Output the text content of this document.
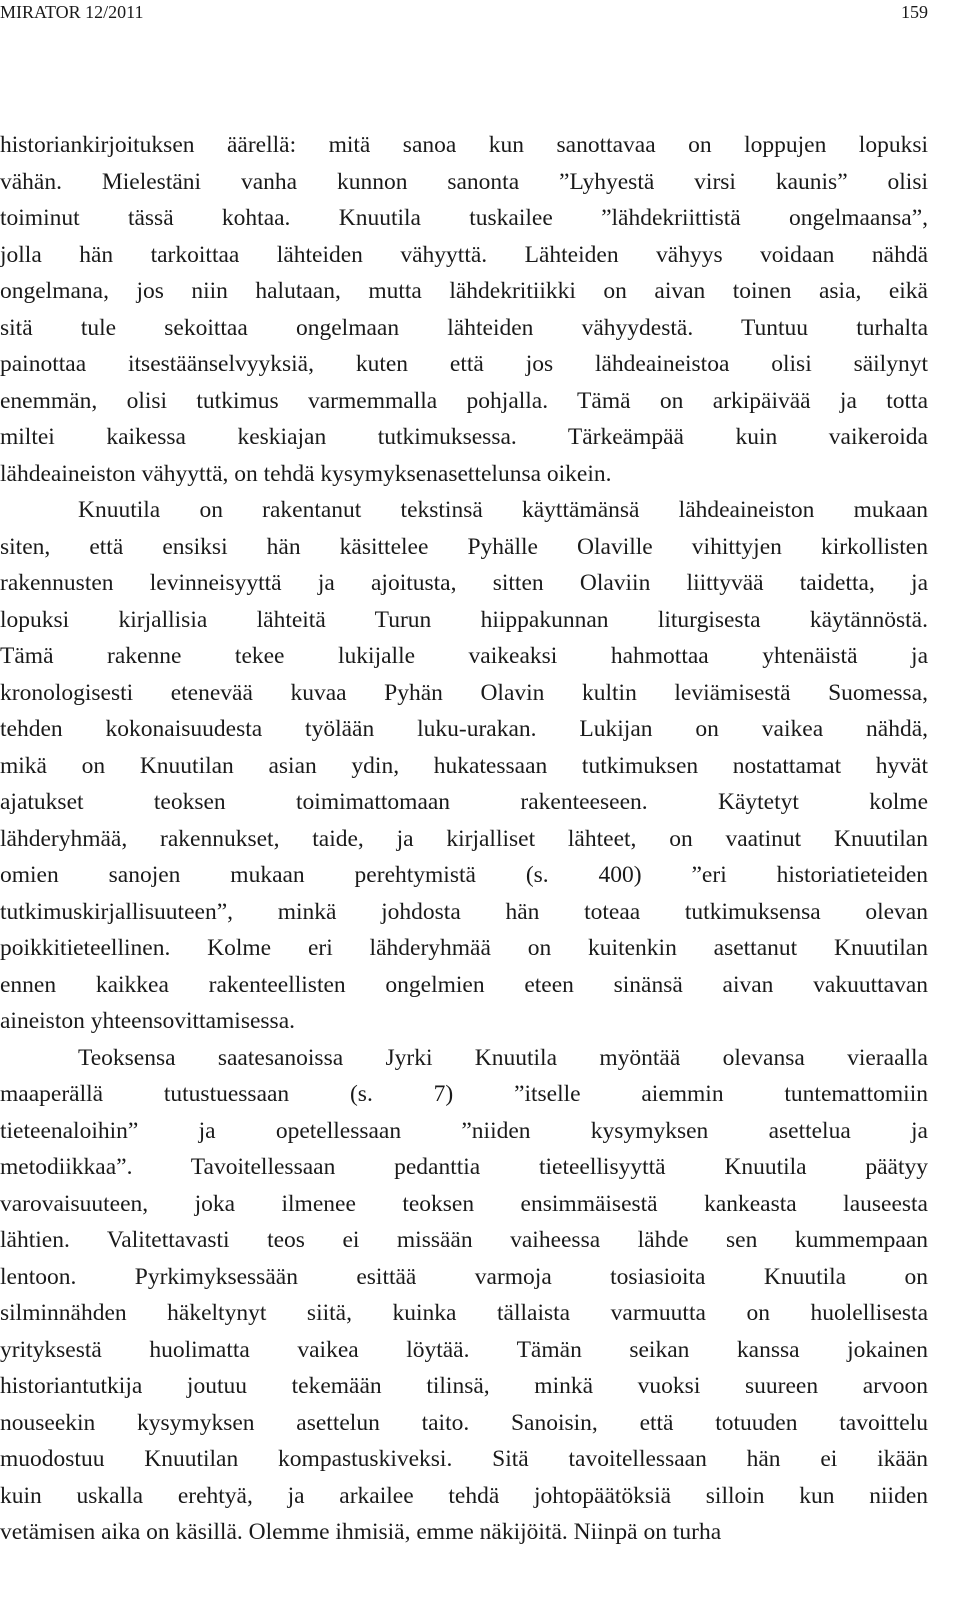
MIRATOR 12/2011	159
historiankirjoituksen äärellä: mitä sanoa kun sanottavaa on loppujen lopuksi
vähän. Mielestäni vanha kunnon sanonta ”Lyhyestä virsi kaunis” olisi
toiminut tässä kohtaa. Knuutila tuskailee ”lähdekriittistä ongelmaansa”,
jolla hän tarkoittaa lähteiden vähyyttä. Lähteiden vähyys voidaan nähdä
ongelmana, jos niin halutaan, mutta lähdekritiikki on aivan toinen asia, eikä
sitä tule sekoittaa ongelmaan lähteiden vähyydestä. Tuntuu turhalta
painottaa itsestäänselvyyksiä, kuten että jos lähdeaineistoa olisi säilynyt
enemmän, olisi tutkimus varmemmalla pohjalla. Tämä on arkipäivää ja totta
miltei kaikessa keskiajan tutkimuksessa. Tärkeämpää kuin vaikeroida
lähdeaineiston vähyyttä, on tehdä kysymyksenasettelunsa oikein.
Knuutila on rakentanut tekstinsä käyttämänsä lähdeaineiston mukaan
siten, että ensiksi hän käsittelee Pyhälle Olaville vihittyjen kirkollisten
rakennusten levinneisyyttä ja ajoitusta, sitten Olaviin liittyvää taidetta, ja
lopuksi kirjallisia lähteitä Turun hiippakunnan liturgisesta käytännöstä.
Tämä rakenne tekee lukijalle vaikeaksi hahmottaa yhtenäistä ja
kronologisesti etenevää kuvaa Pyhän Olavin kultin leviämisestä Suomessa,
tehden kokonaisuudesta työlään luku-urakan. Lukijan on vaikea nähdä,
mikä on Knuutilan asian ydin, hukatessaan tutkimuksen nostattamat hyvät
ajatukset teoksen toimimattomaan rakenteeseen. Käytetyt kolme
lähderyhmää, rakennukset, taide, ja kirjalliset lähteet, on vaatinut Knuutilan
omien sanojen mukaan perehtymistä (s. 400) ”eri historiatieteiden
tutkimuskirjallisuuteen”, minkä johdosta hän toteaa tutkimuksensa olevan
poikkitieteellinen. Kolme eri lähderyhmää on kuitenkin asettanut Knuutilan
ennen kaikkea rakenteellisten ongelmien eteen sinänsä aivan vakuuttavan
aineiston yhteensovittamisessa.
Teoksensa saatesanoissa Jyrki Knuutila myöntää olevansa vieraalla
maaperällä tutustuessaan (s. 7) ”itselle aiemmin tuntemattomiin
tieteenaloihin” ja opetellessaan ”niiden kysymyksen asettelua ja
metodiikkaa”. Tavoitellessaan pedanttia tieteellisyyttä Knuutila päätyy
varovaisuuteen, joka ilmenee teoksen ensimmäisestä kankeasta lauseesta
lähtien. Valitettavasti teos ei missään vaiheessa lähde sen kummempaan
lentoon. Pyrkimyksessään esittää varmoja tosiasioita Knuutila on
silminnähden häkeltynyt siitä, kuinka tällaista varmuutta on huolellisesta
yrityksestä huolimatta vaikea löytää. Tämän seikan kanssa jokainen
historiantutkija joutuu tekemään tilinsä, minkä vuoksi suureen arvoon
nouseekin kysymyksen asettelun taito. Sanoisin, että totuuden tavoittelu
muodostuu Knuutilan kompastuskiveksi. Sitä tavoitellessaan hän ei ikään
kuin uskalla erehtyä, ja arkailee tehdä johtopäätöksiä silloin kun niiden
vetämisen aika on käsillä. Olemme ihmisiä, emme näkijöitä. Niinpä on turha
